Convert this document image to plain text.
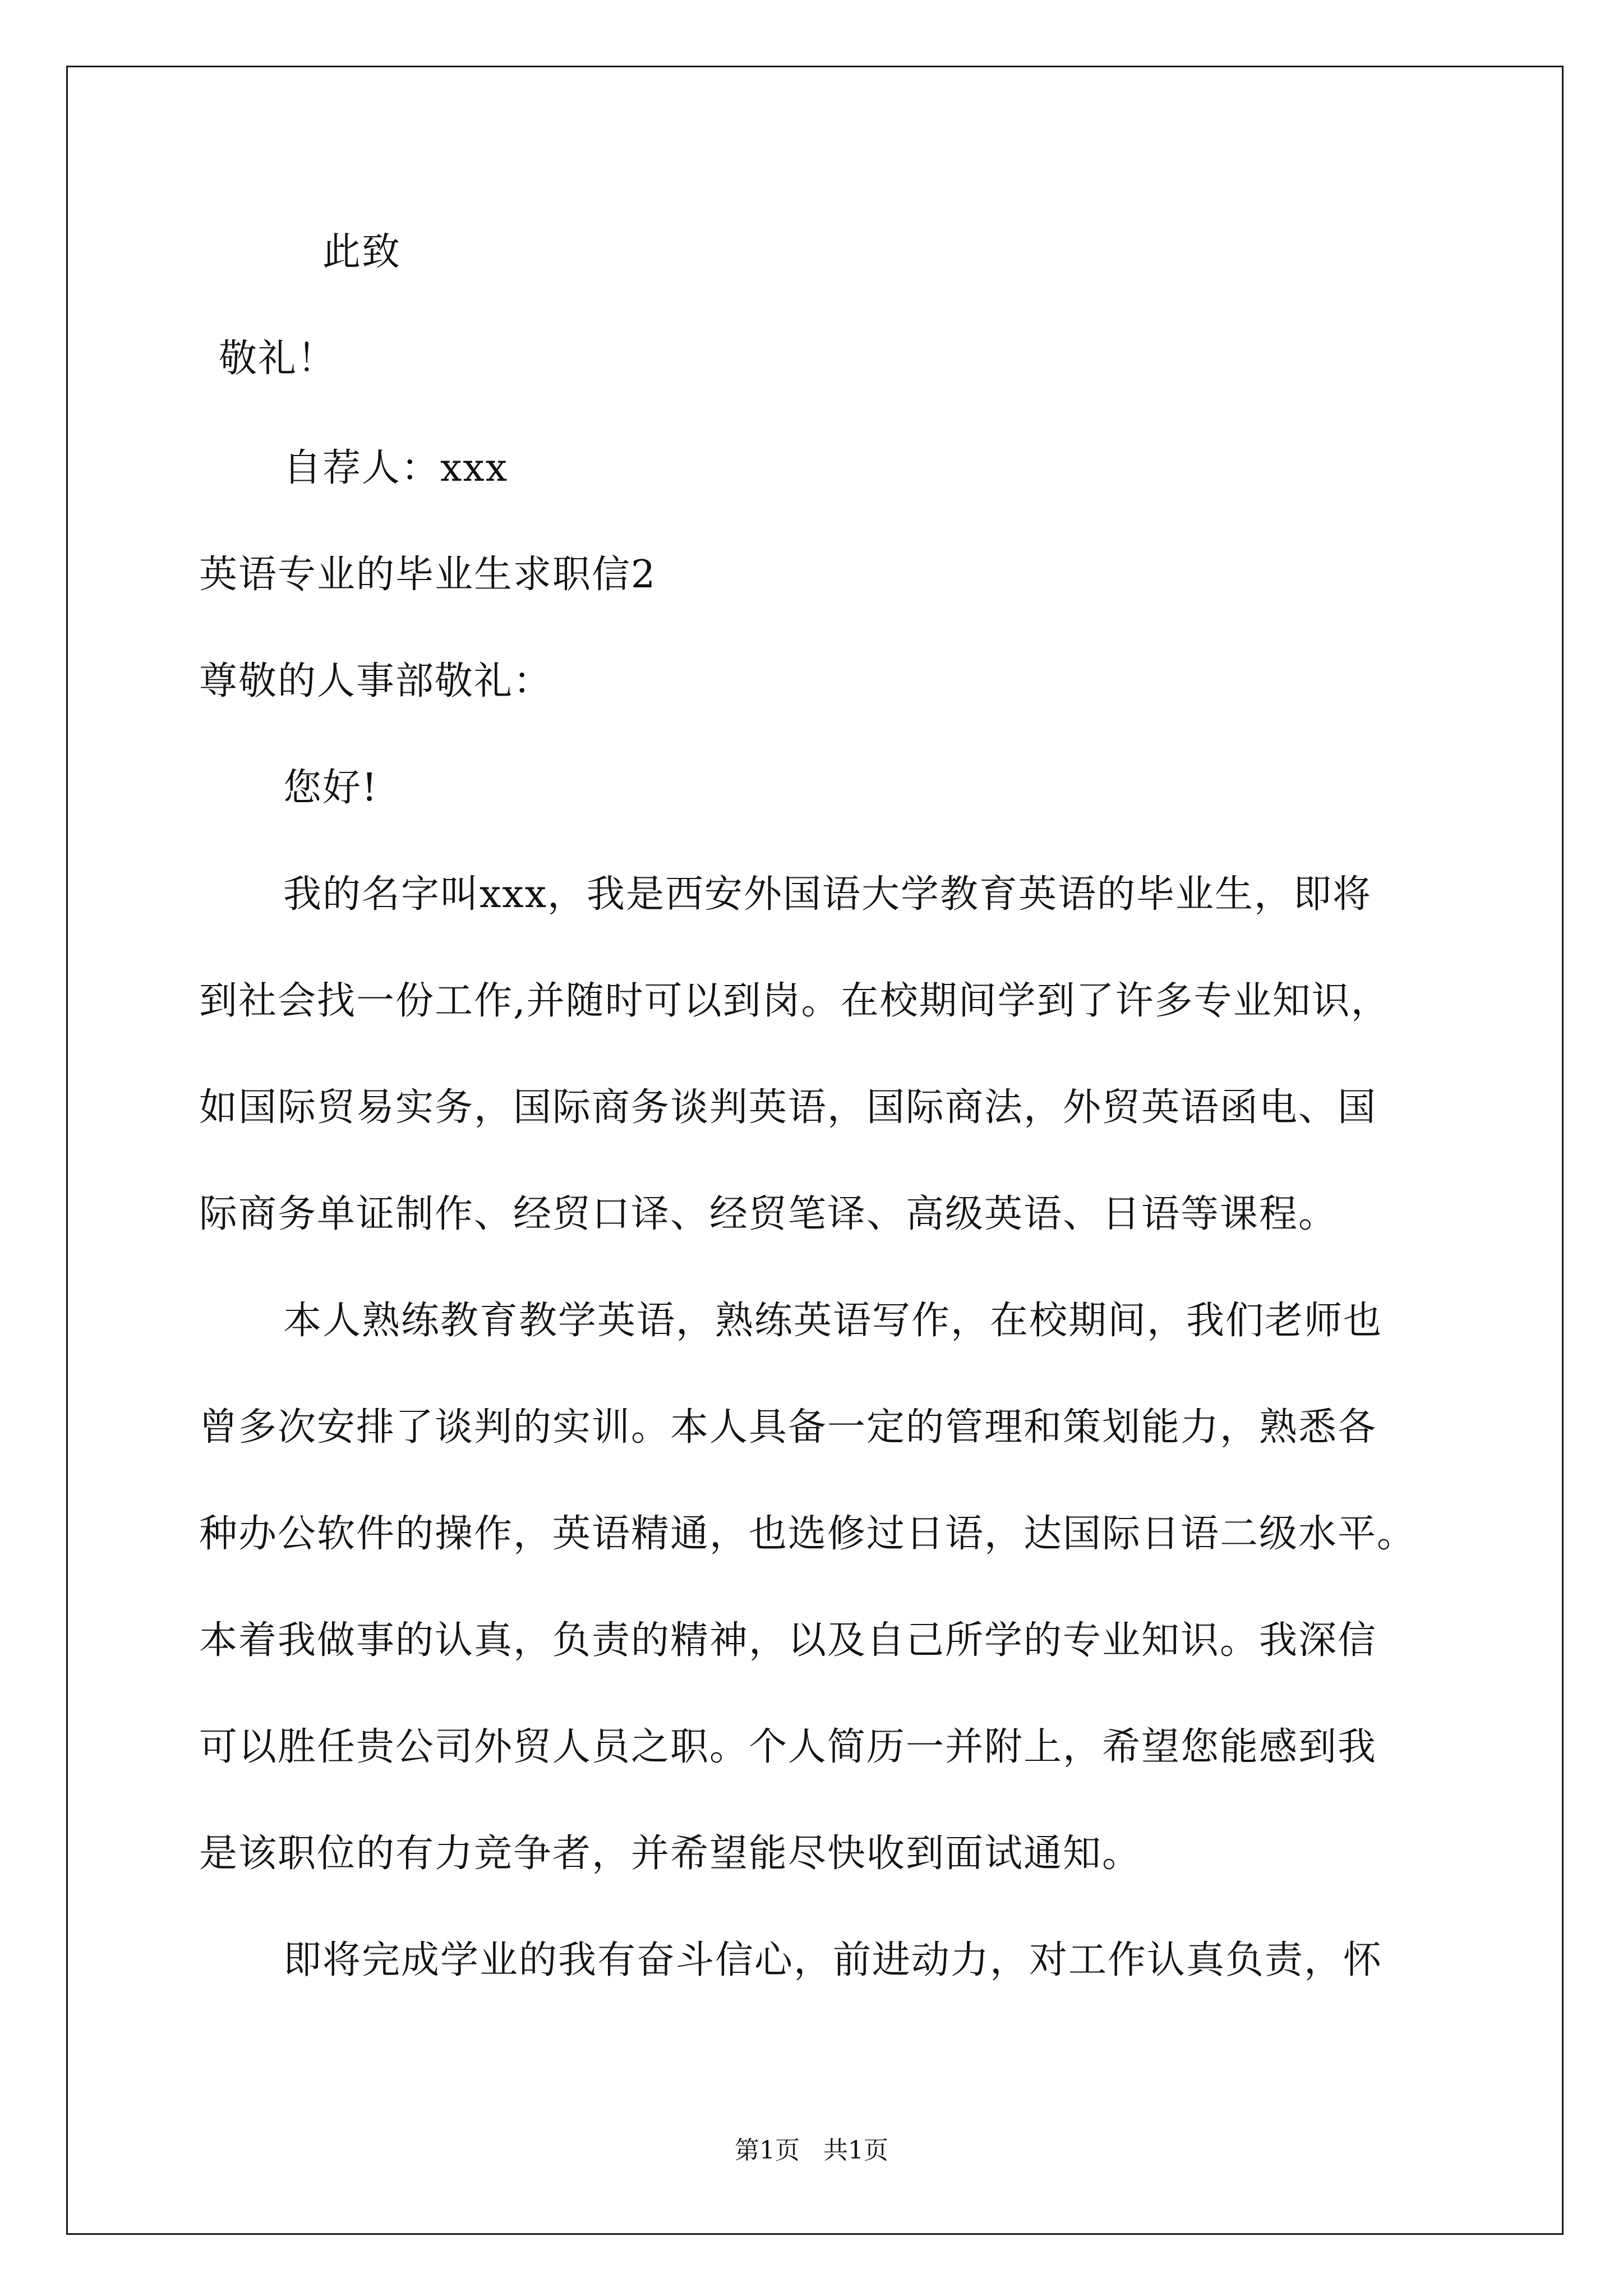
此致
敬礼！
自荐人：xxx
英语专业的毕业生求职信2
尊敬的人事部敬礼：
您好!
我的名字叫xxx，我是西安外国语大学教育英语的毕业生，即将
到社会找一份工作,并随时可以到岗。在校期间学到了许多专业知识，
如国际贸易实务，国际商务谈判英语，国际商法，外贸英语函电、国
际商务单证制作、经贸口译、经贸笔译、高级英语、日语等课程。
本人熟练教育教学英语，熟练英语写作，在校期间，我们老师也
曾多次安排了谈判的实训。本人具备一定的管理和策划能力，熟悉各
种办公软件的操作，英语精通，也选修过日语，达国际日语二级水平。
本着我做事的认真，负责的精神，以及自己所学的专业知识。我深信
可以胜任贵公司外贸人员之职。个人简历一并附上，希望您能感到我
是该职位的有力竞争者，并希望能尽快收到面试通知。
即将完成学业的我有奋斗信心，前进动力，对工作认真负责，怀
第1页   共1页
